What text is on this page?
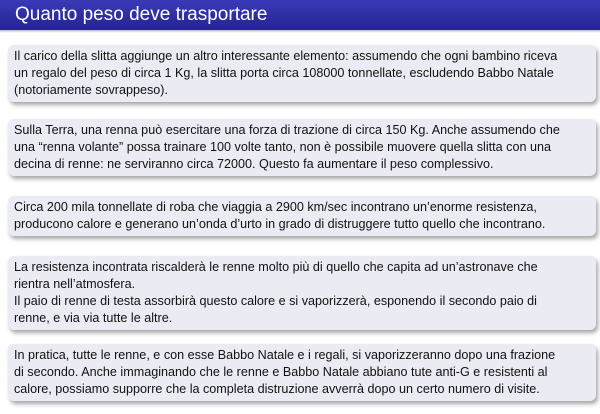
Quanto peso deve trasportare
Il carico della slitta aggiunge un altro interessante elemento: assumendo che ogni bambino riceva
un regalo del peso di circa 1 Kg, la slitta porta circa 108000 tonnellate, escludendo Babbo Natale
(notoriamente sovrappeso).
Sulla Terra, una renna può esercitare una forza di trazione di circa 150 Kg. Anche assumendo che
una “renna volante” possa trainare 100 volte tanto, non è possibile muovere quella slitta con una
decina di renne: ne serviranno circa 72000. Questo fa aumentare il peso complessivo.
Circa 200 mila tonnellate di roba che viaggia a 2900 km/sec incontrano un’enorme resistenza,
producono calore e generano un’onda d’urto in grado di distruggere tutto quello che incontrano.
La resistenza incontrata riscalderà le renne molto più di quello che capita ad un’astronave che
rientra nell’atmosfera.
Il paio di renne di testa assorbirà questo calore e si vaporizzerà, esponendo il secondo paio di
renne, e via via tutte le altre.
In pratica, tutte le renne, e con esse Babbo Natale e i regali, si vaporizzeranno dopo una frazione
di secondo. Anche immaginando che le renne e Babbo Natale abbiano tute anti-G e resistenti al
calore, possiamo supporre che la completa distruzione avverrà dopo un certo numero di visite.
